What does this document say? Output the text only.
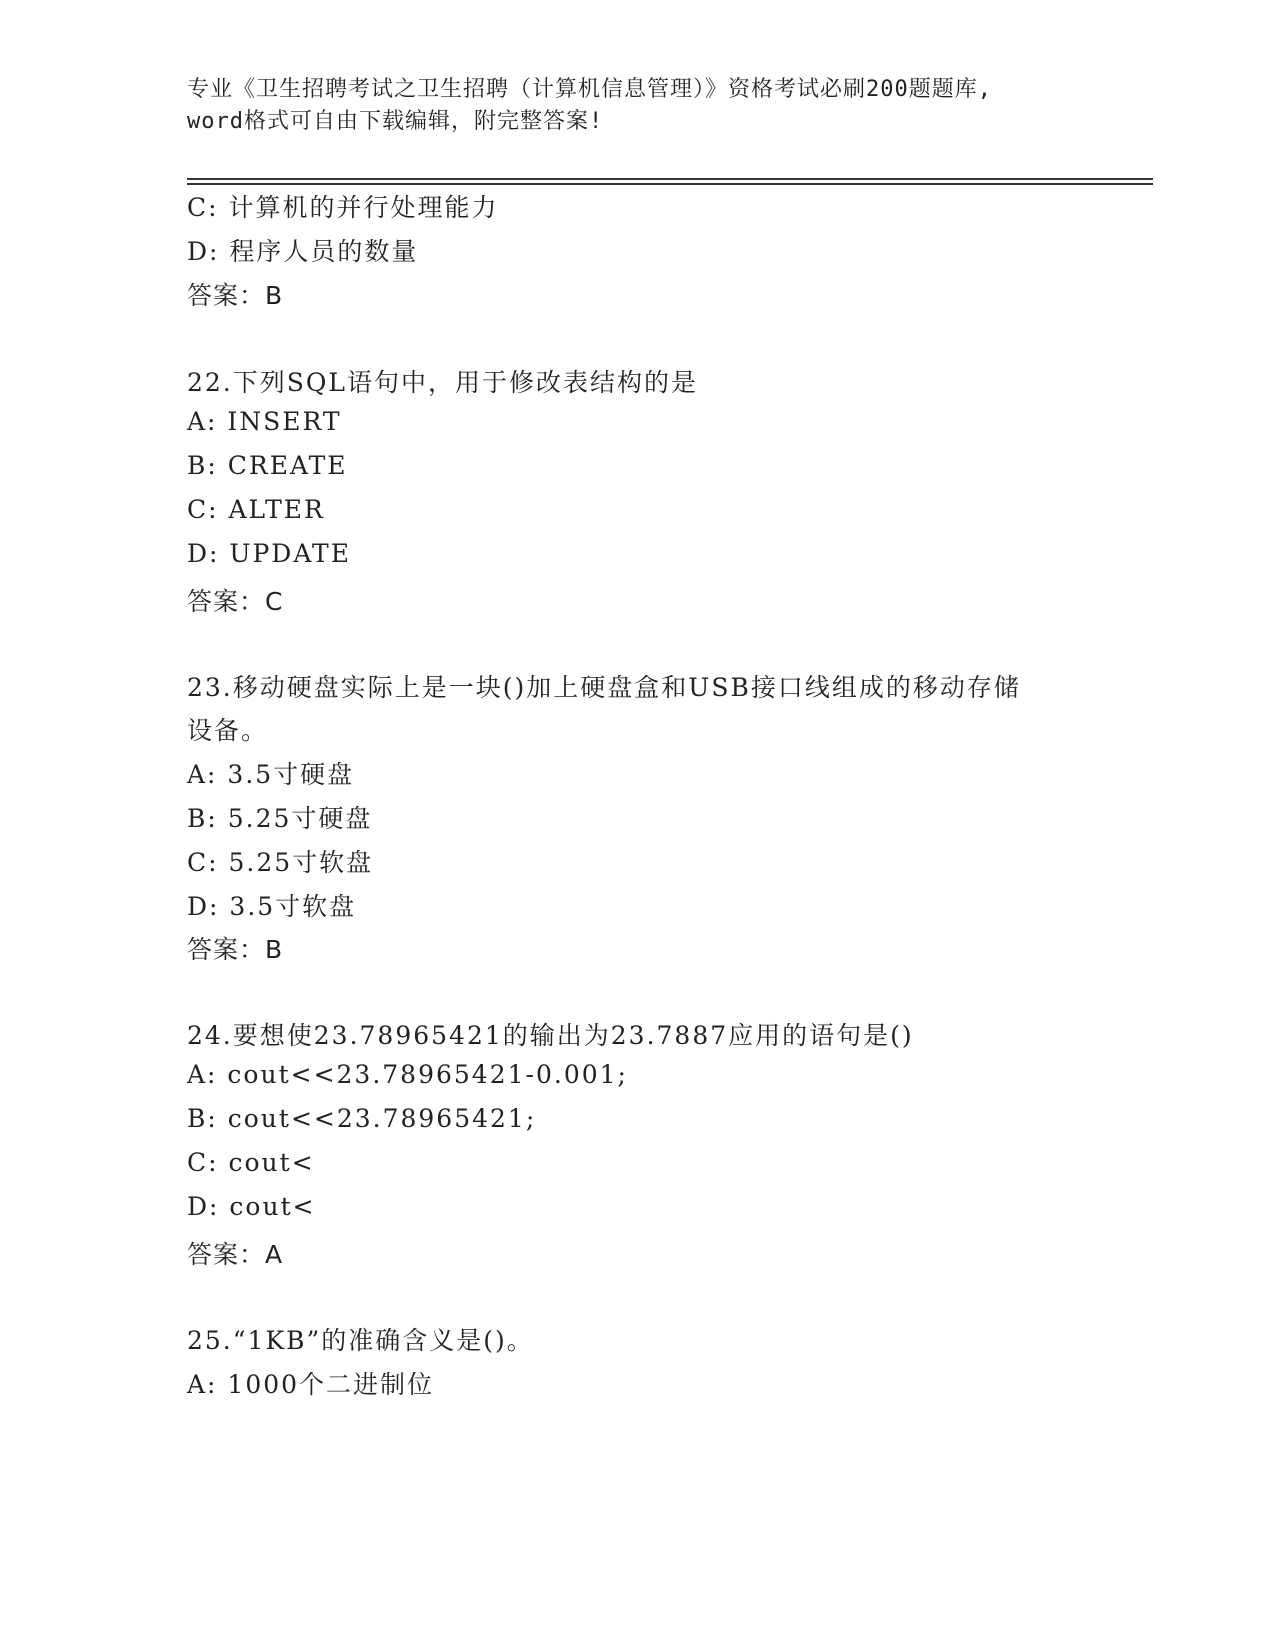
专业《卫生招聘考试之卫生招聘（计算机信息管理）》资格考试必刷200题题库,
word格式可自由下载编辑，附完整答案!
C: 计算机的并行处理能力
D: 程序人员的数量
答案：B
22.下列SQL语句中，用于修改表结构的是
A: INSERT
B: CREATE
C: ALTER
D: UPDATE
答案：C
23.移动硬盘实际上是一块()加上硬盘盒和USB接口线组成的移动存储
设备。
A: 3.5寸硬盘
B: 5.25寸硬盘
C: 5.25寸软盘
D: 3.5寸软盘
答案：B
24.要想使23.78965421的输出为23.7887应用的语句是()
A: cout<<23.78965421-0.001;
B: cout<<23.78965421;
C: cout<
D: cout<
答案：A
25.“1KB”的准确含义是()。
A: 1000个二进制位
